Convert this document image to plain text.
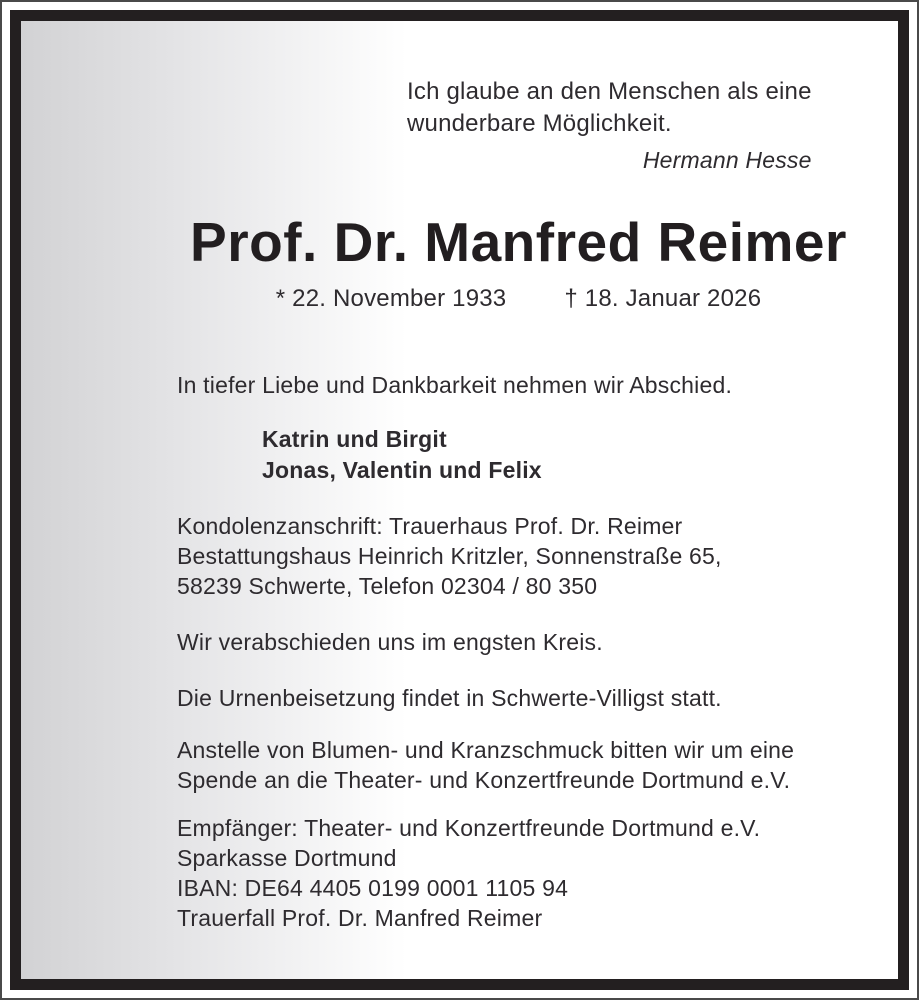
Ich glaube an den Menschen als eine
wunderbare Möglichkeit.
Hermann Hesse
Prof. Dr. Manfred Reimer
* 22. November 1933 † 18. Januar 2026
In tiefer Liebe und Dankbarkeit nehmen wir Abschied.
Katrin und Birgit
Jonas, Valentin und Felix
Kondolenzanschrift: Trauerhaus Prof. Dr. Reimer
Bestattungshaus Heinrich Kritzler, Sonnenstraße 65,
58239 Schwerte, Telefon 02304 / 80 350
Wir verabschieden uns im engsten Kreis.
Die Urnenbeisetzung findet in Schwerte-Villigst statt.
Anstelle von Blumen- und Kranzschmuck bitten wir um eine
Spende an die Theater- und Konzertfreunde Dortmund e.V.
Empfänger: Theater- und Konzertfreunde Dortmund e.V.
Sparkasse Dortmund
IBAN: DE64 4405 0199 0001 1105 94
Trauerfall Prof. Dr. Manfred Reimer
